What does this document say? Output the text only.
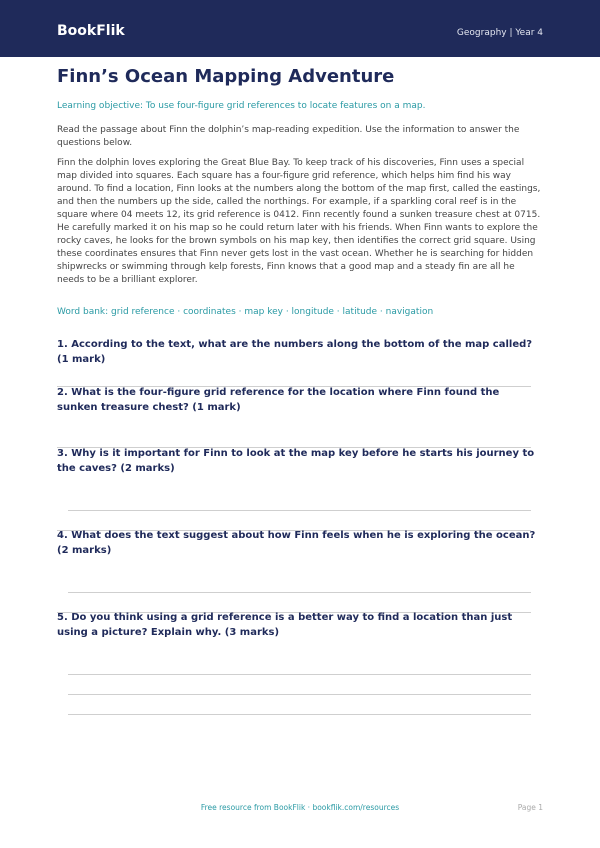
BookFlik	Geography | Year 4
Finn’s Ocean Mapping Adventure
Learning objective: To use four-figure grid references to locate features on a map.
Read the passage about Finn the dolphin’s map-reading expedition. Use the information to answer the questions below.
Finn the dolphin loves exploring the Great Blue Bay. To keep track of his discoveries, Finn uses a special map divided into squares. Each square has a four-figure grid reference, which helps him find his way around. To find a location, Finn looks at the numbers along the bottom of the map first, called the eastings, and then the numbers up the side, called the northings. For example, if a sparkling coral reef is in the square where 04 meets 12, its grid reference is 0412. Finn recently found a sunken treasure chest at 0715. He carefully marked it on his map so he could return later with his friends. When Finn wants to explore the rocky caves, he looks for the brown symbols on his map key, then identifies the correct grid square. Using these coordinates ensures that Finn never gets lost in the vast ocean. Whether he is searching for hidden shipwrecks or swimming through kelp forests, Finn knows that a good map and a steady fin are all he needs to be a brilliant explorer.
Word bank: grid reference · coordinates · map key · longitude · latitude · navigation
1. According to the text, what are the numbers along the bottom of the map called? (1 mark)
2. What is the four-figure grid reference for the location where Finn found the sunken treasure chest? (1 mark)
3. Why is it important for Finn to look at the map key before he starts his journey to the caves? (2 marks)
4. What does the text suggest about how Finn feels when he is exploring the ocean? (2 marks)
5. Do you think using a grid reference is a better way to find a location than just using a picture? Explain why. (3 marks)
Free resource from BookFlik · bookflik.com/resources	Page 1
